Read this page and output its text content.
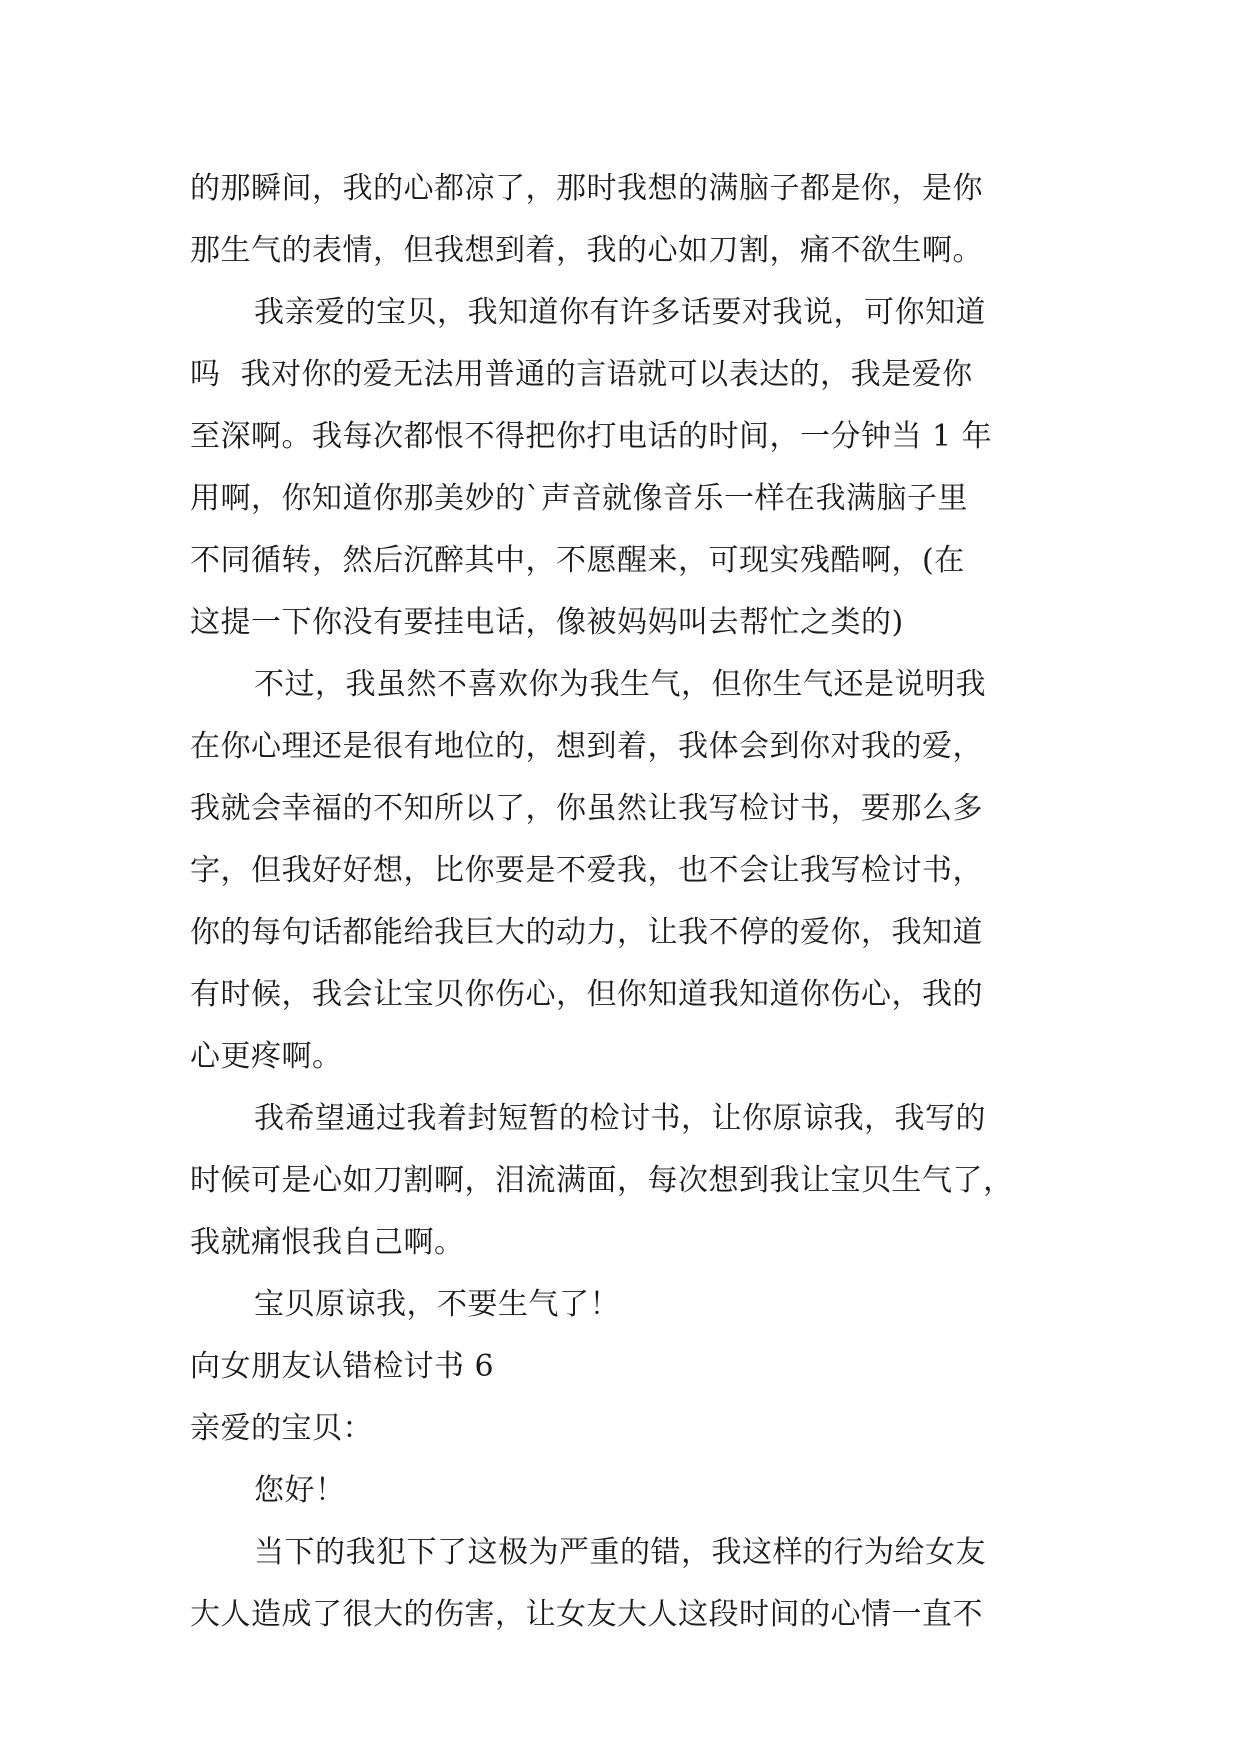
的那瞬间，我的心都凉了，那时我想的满脑子都是你，是你
那生气的表情，但我想到着，我的心如刀割，痛不欲生啊。
我亲爱的宝贝，我知道你有许多话要对我说，可你知道
吗  我对你的爱无法用普通的言语就可以表达的，我是爱你
至深啊。我每次都恨不得把你打电话的时间，一分钟当 1 年
用啊，你知道你那美妙的`声音就像音乐一样在我满脑子里
不同循转，然后沉醉其中，不愿醒来，可现实残酷啊，(在
这提一下你没有要挂电话，像被妈妈叫去帮忙之类的)
不过，我虽然不喜欢你为我生气，但你生气还是说明我
在你心理还是很有地位的，想到着，我体会到你对我的爱，
我就会幸福的不知所以了，你虽然让我写检讨书，要那么多
字，但我好好想，比你要是不爱我，也不会让我写检讨书，
你的每句话都能给我巨大的动力，让我不停的爱你，我知道
有时候，我会让宝贝你伤心，但你知道我知道你伤心，我的
心更疼啊。
我希望通过我着封短暂的检讨书，让你原谅我，我写的
时候可是心如刀割啊，泪流满面，每次想到我让宝贝生气了，
我就痛恨我自己啊。
宝贝原谅我，不要生气了！
向女朋友认错检讨书 6
亲爱的宝贝：
您好！
当下的我犯下了这极为严重的错，我这样的行为给女友
大人造成了很大的伤害，让女友大人这段时间的心情一直不
